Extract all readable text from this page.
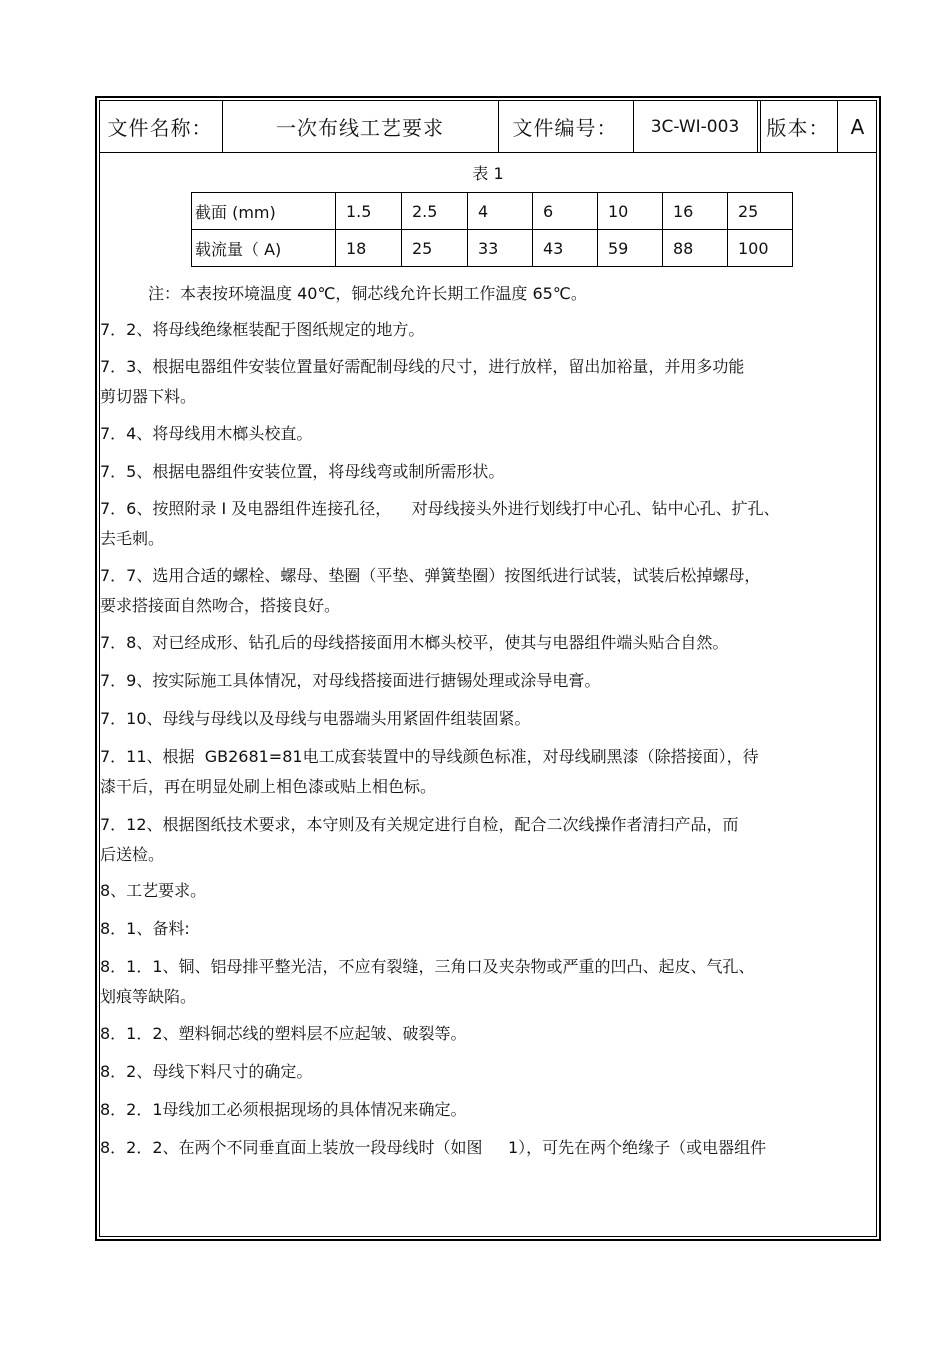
文件名称：	一次布线工艺要求	文件编号：	3C-WI-003	版本：	A
表 1
截面 (mm)	1.5	2.5	4	6	10	16	25
载流量（ A)	18	25	33	43	59	88	100
注：本表按环境温度 40℃，铜芯线允许长期工作温度 65℃。
7．2、将母线绝缘框装配于图纸规定的地方。
7．3、根据电器组件安装位置量好需配制母线的尺寸，进行放样，留出加裕量，并用多功能
剪切器下料。
7．4、将母线用木榔头校直。
7．5、根据电器组件安装位置，将母线弯或制所需形状。
7．6、按照附录 Ⅰ 及电器组件连接孔径，    对母线接头外进行划线打中心孔、钻中心孔、扩孔、
去毛刺。
7．7、选用合适的螺栓、螺母、垫圈（平垫、弹簧垫圈）按图纸进行试装，试装后松掉螺母，
要求搭接面自然吻合，搭接良好。
7．8、对已经成形、钻孔后的母线搭接面用木榔头校平，使其与电器组件端头贴合自然。
7．9、按实际施工具体情况，对母线搭接面进行搪锡处理或涂导电膏。
7．10、母线与母线以及母线与电器端头用紧固件组装固紧。
7．11、根据  GB2681=81电工成套装置中的导线颜色标准，对母线刷黑漆（除搭接面），待
漆干后，再在明显处刷上相色漆或贴上相色标。
7．12、根据图纸技术要求，本守则及有关规定进行自检，配合二次线操作者清扫产品，而
后送检。
8、工艺要求。
8．1、备料:
8．1．1、铜、铝母排平整光洁，不应有裂缝，三角口及夹杂物或严重的凹凸、起皮、气孔、
划痕等缺陷。
8．1．2、塑料铜芯线的塑料层不应起皱、破裂等。
8．2、母线下料尺寸的确定。
8．2．1母线加工必须根据现场的具体情况来确定。
8．2．2、在两个不同垂直面上装放一段母线时（如图     1），可先在两个绝缘子（或电器组件
